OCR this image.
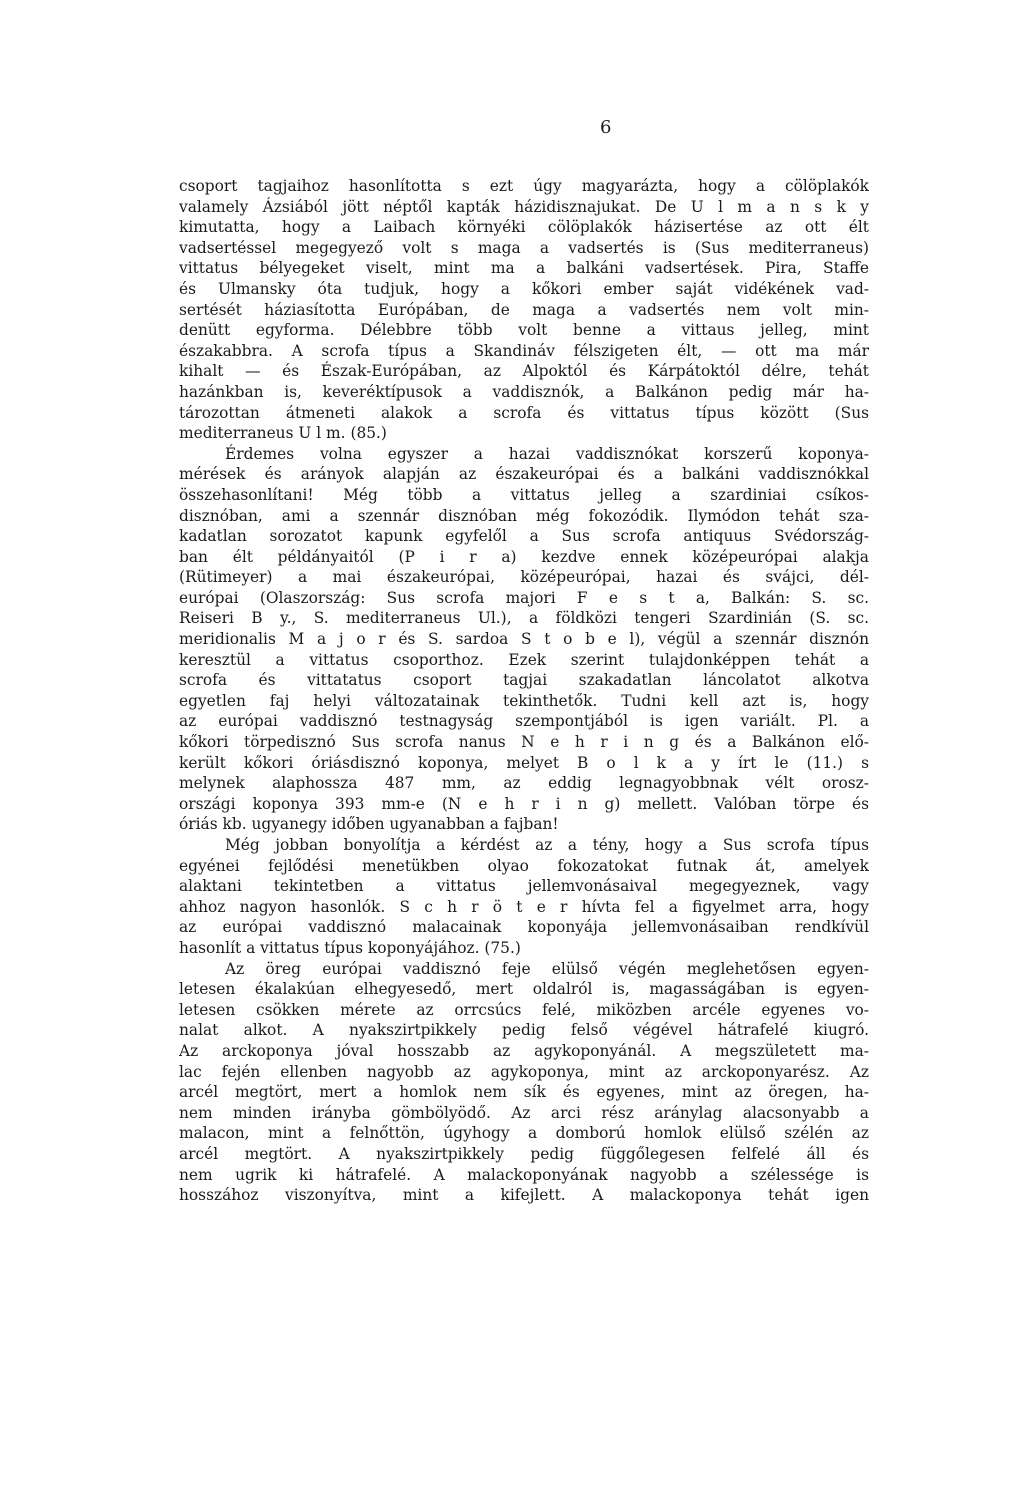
6
csoport tagjaihoz hasonlította s ezt úgy magyarázta, hogy a cölöplakók
valamely Ázsiából jött néptől kapták házidisznajukat. De U l m a n s k y
kimutatta, hogy a Laibach környéki cölöplakók házisertése az ott élt
vadsertéssel megegyező volt s maga a vadsertés is (Sus mediterraneus)
vittatus bélyegeket viselt, mint ma a balkáni vadsertések. Pira, Staffe
és Ulmansky óta tudjuk, hogy a kőkori ember saját vidékének vad-
sertését háziasította Európában, de maga a vadsertés nem volt min-
denütt egyforma. Délebbre több volt benne a vittaus jelleg, mint
északabbra. A scrofa típus a Skandináv félszigeten élt, — ott ma már
kihalt — és Észak-Európában, az Alpoktól és Kárpátoktól délre, tehát
hazánkban is, keveréktípusok a vaddisznók, a Balkánon pedig már ha-
tározottan átmeneti alakok a scrofa és vittatus típus között (Sus
mediterraneus U l m. (85.)
Érdemes volna egyszer a hazai vaddisznókat korszerű koponya-
mérések és arányok alapján az északeurópai és a balkáni vaddisznókkal
összehasonlítani! Még több a vittatus jelleg a szardiniai csíkos-
disznóban, ami a szennár disznóban még fokozódik. Ilymódon tehát sza-
kadatlan sorozatot kapunk egyfelől a Sus scrofa antiquus Svédország-
ban élt példányaitól (P i r a) kezdve ennek középeurópai alakja
(Rütimeyer) a mai északeurópai, középeurópai, hazai és svájci, dél-
európai (Olaszország: Sus scrofa majori F e s t a, Balkán: S. sc.
Reiseri B y., S. mediterraneus Ul.), a földközi tengeri Szardinián (S. sc.
meridionalis M a j o r és S. sardoa S t o b e l), végül a szennár disznón
keresztül a vittatus csoporthoz. Ezek szerint tulajdonképpen tehát a
scrofa és vittatatus csoport tagjai szakadatlan láncolatot alkotva
egyetlen faj helyi változatainak tekinthetők. Tudni kell azt is, hogy
az európai vaddisznó testnagyság szempontjából is igen variált. Pl. a
kőkori törpedisznó Sus scrofa nanus N e h r i n g és a Balkánon elő-
került kőkori óriásdisznó koponya, melyet B o l k a y írt le (11.) s
melynek alaphossza 487 mm, az eddig legnagyobbnak vélt orosz-
országi koponya 393 mm-e (N e h r i n g) mellett. Valóban törpe és
óriás kb. ugyanegy időben ugyanabban a fajban!
Még jobban bonyolítja a kérdést az a tény, hogy a Sus scrofa típus
egyénei fejlődési menetükben olyao fokozatokat futnak át, amelyek
alaktani tekintetben a vittatus jellemvonásaival megegyeznek, vagy
ahhoz nagyon hasonlók. S c h r ö t e r hívta fel a figyelmet arra, hogy
az európai vaddisznó malacainak koponyája jellemvonásaiban rendkívül
hasonlít a vittatus típus koponyájához. (75.)
Az öreg európai vaddisznó feje elülső végén meglehetősen egyen-
letesen ékalakúan elhegyesedő, mert oldalról is, magasságában is egyen-
letesen csökken mérete az orrcsúcs felé, miközben arcéle egyenes vo-
nalat alkot. A nyakszirtpikkely pedig felső végével hátrafelé kiugró.
Az arckoponya jóval hosszabb az agykoponyánál. A megszületett ma-
lac fején ellenben nagyobb az agykoponya, mint az arckoponyarész. Az
arcél megtört, mert a homlok nem sík és egyenes, mint az öregen, ha-
nem minden irányba gömbölyödő. Az arci rész aránylag alacsonyabb a
malacon, mint a felnőttön, úgyhogy a domború homlok elülső szélén az
arcél megtört. A nyakszirtpikkely pedig függőlegesen felfelé áll és
nem ugrik ki hátrafelé. A malackoponyának nagyobb a szélessége is
hosszához viszonyítva, mint a kifejlett. A malackoponya tehát igen
